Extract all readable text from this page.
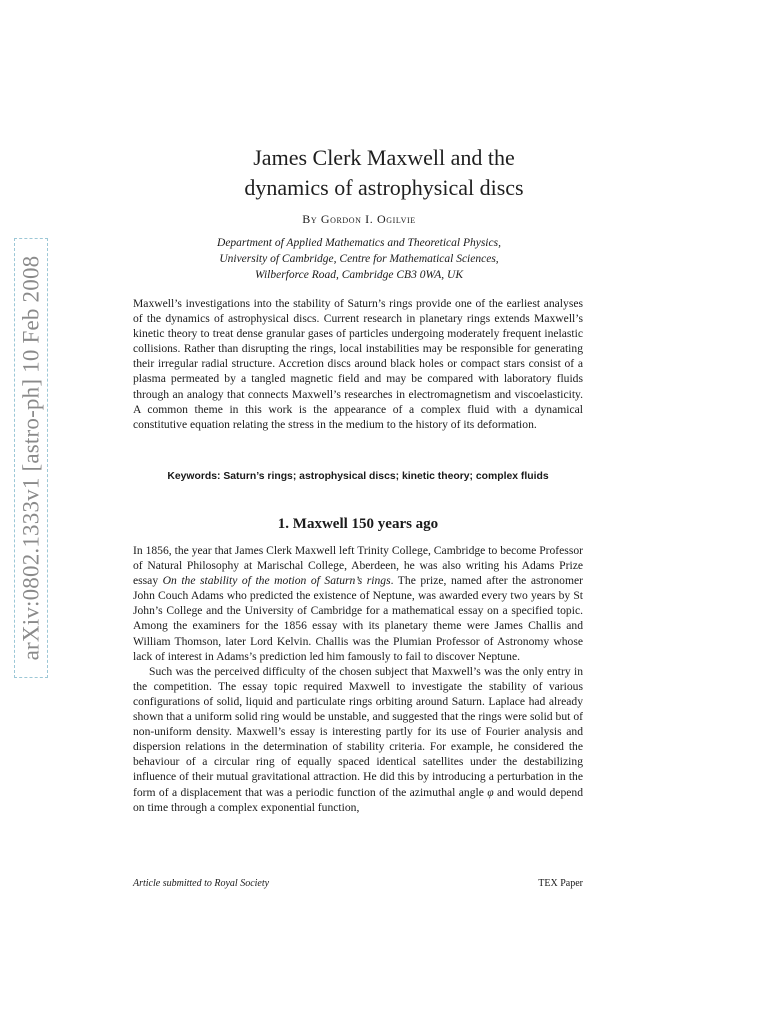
arXiv:0802.1333v1 [astro-ph] 10 Feb 2008
James Clerk Maxwell and the
dynamics of astrophysical discs
By Gordon I. Ogilvie
Department of Applied Mathematics and Theoretical Physics,
University of Cambridge, Centre for Mathematical Sciences,
Wilberforce Road, Cambridge CB3 0WA, UK
Maxwell’s investigations into the stability of Saturn’s rings provide one of the earliest analyses of the dynamics of astrophysical discs. Current research in planetary rings extends Maxwell’s kinetic theory to treat dense granular gases of particles undergoing moderately frequent inelastic collisions. Rather than disrupting the rings, local instabilities may be responsible for generating their irregular radial structure. Accretion discs around black holes or compact stars consist of a plasma permeated by a tangled magnetic field and may be compared with laboratory fluids through an analogy that connects Maxwell’s researches in electromagnetism and viscoelasticity. A common theme in this work is the appearance of a complex fluid with a dynamical constitutive equation relating the stress in the medium to the history of its deformation.
Keywords: Saturn’s rings; astrophysical discs; kinetic theory; complex fluids
1. Maxwell 150 years ago

In 1856, the year that James Clerk Maxwell left Trinity College, Cambridge to become Professor of Natural Philosophy at Marischal College, Aberdeen, he was also writing his Adams Prize essay On the stability of the motion of Saturn’s rings. The prize, named after the astronomer John Couch Adams who predicted the existence of Neptune, was awarded every two years by St John’s College and the University of Cambridge for a mathematical essay on a specified topic. Among the examiners for the 1856 essay with its planetary theme were James Challis and William Thomson, later Lord Kelvin. Challis was the Plumian Professor of Astronomy whose lack of interest in Adams’s prediction led him famously to fail to discover Neptune.

Such was the perceived difficulty of the chosen subject that Maxwell’s was the only entry in the competition. The essay topic required Maxwell to investigate the stability of various configurations of solid, liquid and particulate rings orbiting around Saturn. Laplace had already shown that a uniform solid ring would be unstable, and suggested that the rings were solid but of non-uniform density. Maxwell’s essay is interesting partly for its use of Fourier analysis and dispersion relations in the determination of stability criteria. For example, he considered the behaviour of a circular ring of equally spaced identical satellites under the destabilizing influence of their mutual gravitational attraction. He did this by introducing a perturbation in the form of a displacement that was a periodic function of the azimuthal angle φ and would depend on time through a complex exponential function,

Article submitted to Royal Society	TEX Paper
